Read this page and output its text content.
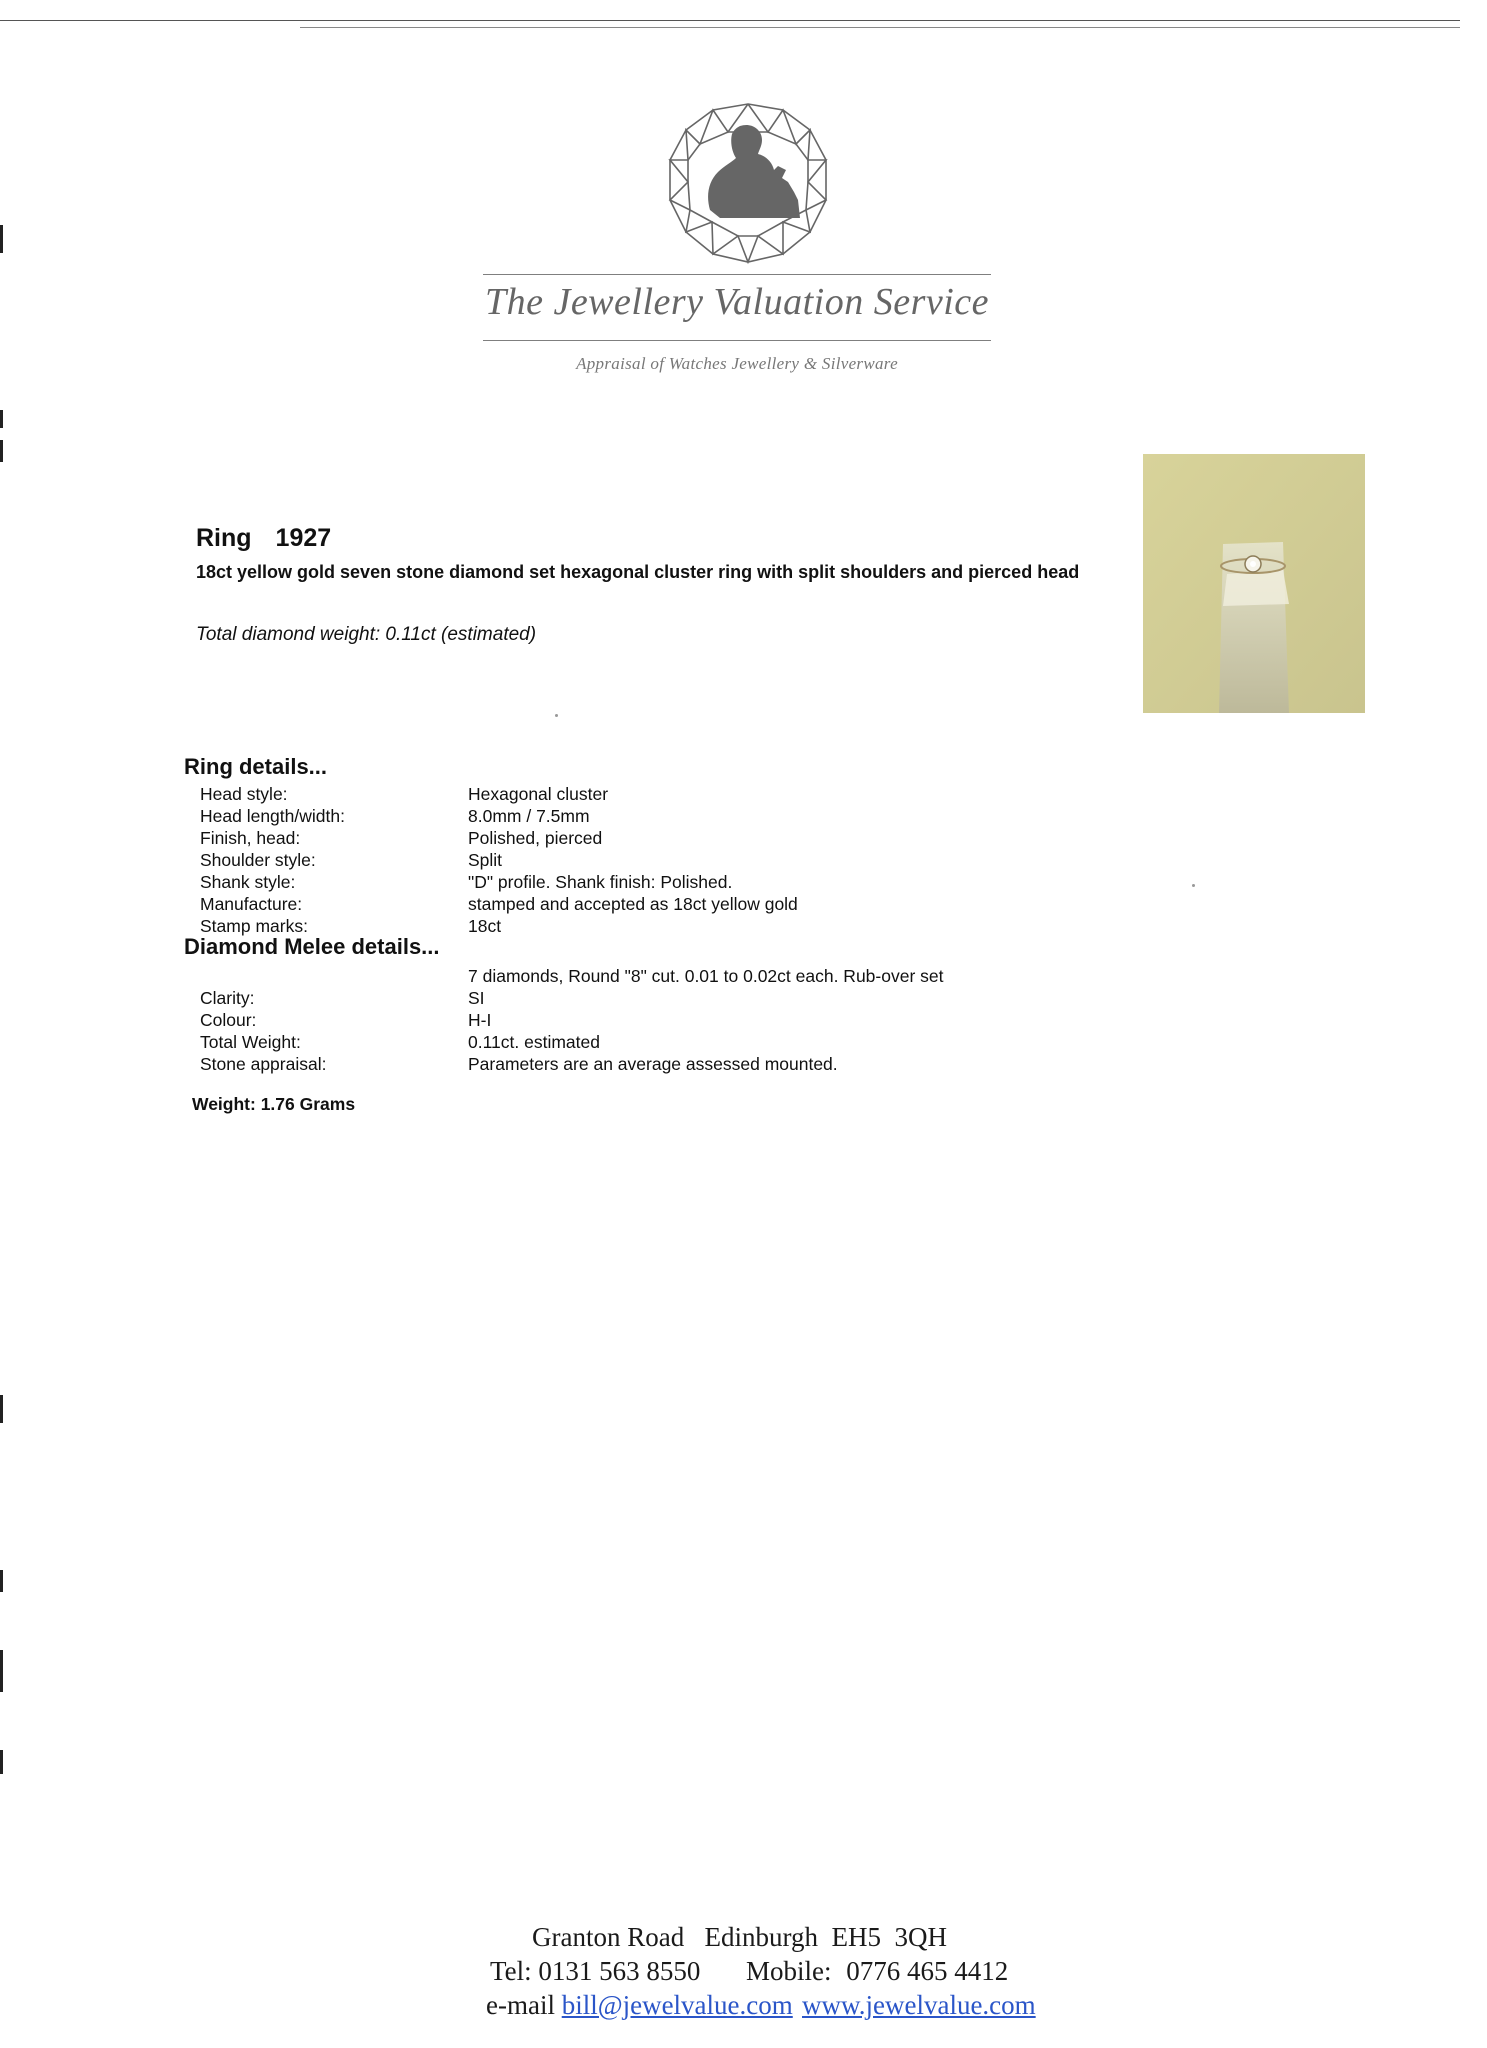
The Jewellery Valuation Service
Appraisal of Watches Jewellery & Silverware
Ring 1927
18ct yellow gold seven stone diamond set hexagonal cluster ring with split shoulders and pierced head
Total diamond weight: 0.11ct (estimated)
Ring details...
Head style:	Hexagonal cluster
Head length/width:	8.0mm / 7.5mm
Finish, head:	Polished, pierced
Shoulder style:	Split
Shank style:	"D" profile. Shank finish: Polished.
Manufacture:	stamped and accepted as 18ct yellow gold
Stamp marks:	18ct
Diamond Melee details...
7 diamonds, Round "8" cut. 0.01 to 0.02ct each. Rub-over set
Clarity:	SI
Colour:	H-I
Total Weight:	0.11ct. estimated
Stone appraisal:	Parameters are an average assessed mounted.
Weight: 1.76 Grams
Granton Road   Edinburgh  EH5  3QH
Tel: 0131 563 8550 Mobile: 0776 465 4412
e-mail bill@jewelvalue.com www.jewelvalue.com
